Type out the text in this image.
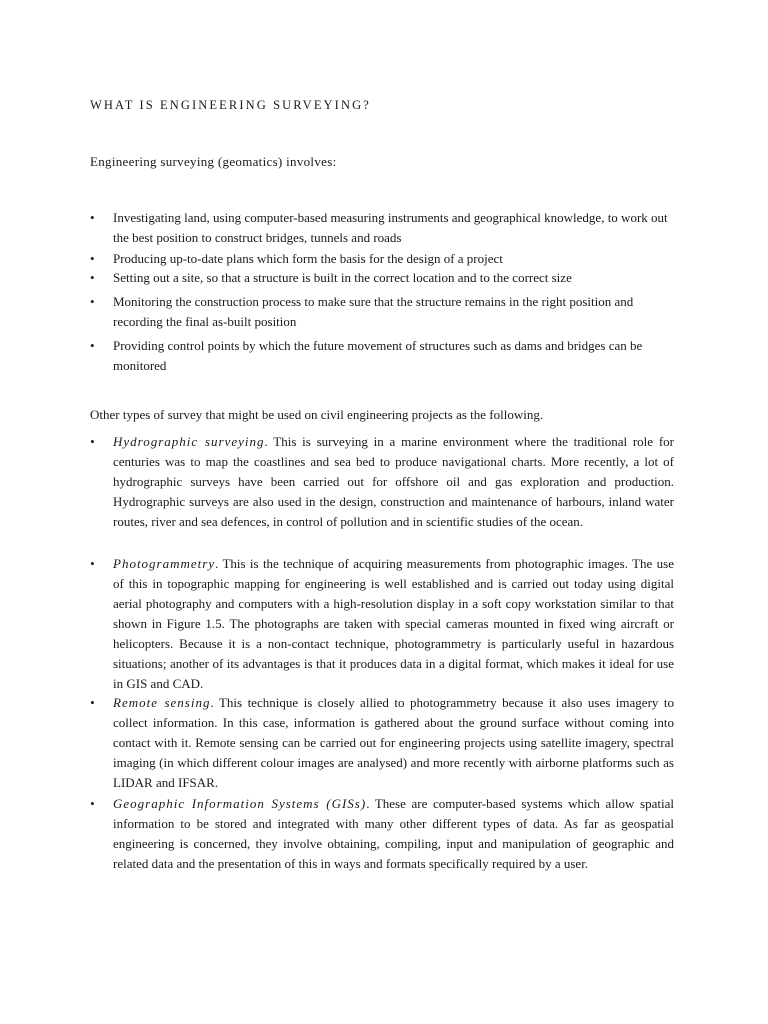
WHAT IS ENGINEERING SURVEYING?
Engineering surveying (geomatics) involves:
•	Investigating land, using computer-based measuring instruments and geographical knowledge, to work out the best position to construct bridges, tunnels and roads
•	Producing up-to-date plans which form the basis for the design of a project
•	Setting out a site, so that a structure is built in the correct location and to the correct size
•	Monitoring the construction process to make sure that the structure remains in the right position and recording the final as-built position
•	Providing control points by which the future movement of structures such as dams and bridges can be monitored
Other types of survey that might be used on civil engineering projects as the following.
•	Hydrographic surveying. This is surveying in a marine environment where the traditional role for centuries was to map the coastlines and sea bed to produce navigational charts. More recently, a lot of hydrographic surveys have been carried out for offshore oil and gas exploration and production. Hydrographic surveys are also used in the design, construction and maintenance of harbours, inland water routes, river and sea defences, in control of pollution and in scientific studies of the ocean.
•	Photogrammetry. This is the technique of acquiring measurements from photographic images. The use of this in topographic mapping for engineering is well established and is carried out today using digital aerial photography and computers with a high-resolution display in a soft copy workstation similar to that shown in Figure 1.5. The photographs are taken with special cameras mounted in fixed wing aircraft or helicopters. Because it is a non-contact technique, photogrammetry is particularly useful in hazardous situations; another of its advantages is that it produces data in a digital format, which makes it ideal for use in GIS and CAD.
•	Remote sensing. This technique is closely allied to photogrammetry because it also uses imagery to collect information. In this case, information is gathered about the ground surface without coming into contact with it. Remote sensing can be carried out for engineering projects using satellite imagery, spectral imaging (in which different colour images are analysed) and more recently with airborne platforms such as LIDAR and IFSAR.
•	Geographic Information Systems (GISs). These are computer-based systems which allow spatial information to be stored and integrated with many other different types of data. As far as geospatial engineering is concerned, they involve obtaining, compiling, input and manipulation of geographic and related data and the presentation of this in ways and formats specifically required by a user.
